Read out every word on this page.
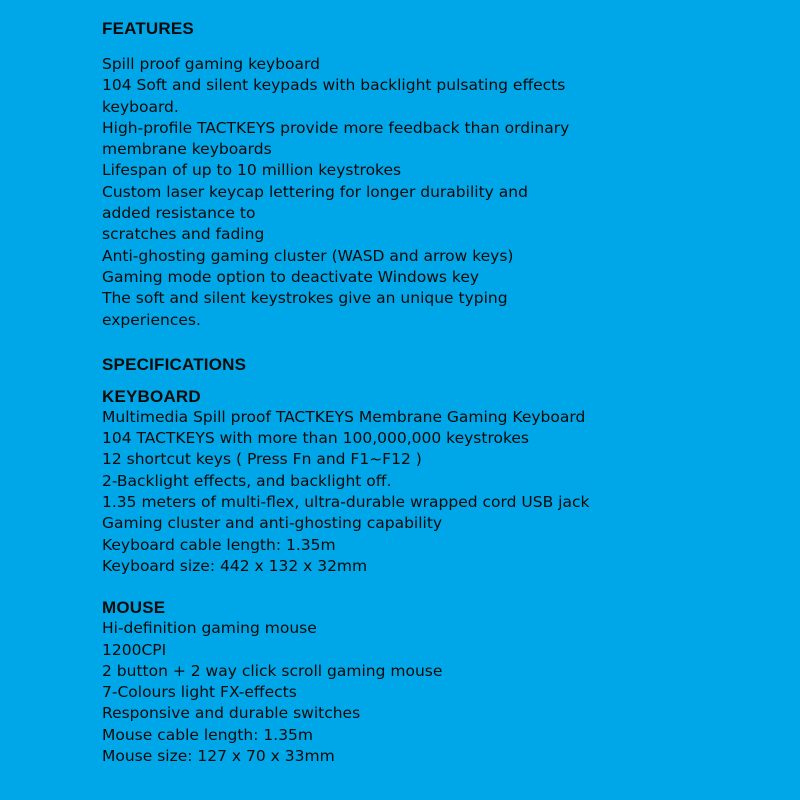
FEATURES

Spill proof gaming keyboard

104 Soft and silent keypads with backlight pulsating effects

keyboard.

High-profile TACTKEYS provide more feedback than ordinary

membrane keyboards

Lifespan of up to 10 million keystrokes

Custom laser keycap lettering for longer durability and

added resistance to

scratches and fading

Anti-ghosting gaming cluster (WASD and arrow keys)

Gaming mode option to deactivate Windows key

The soft and silent keystrokes give an unique typing

experiences.

SPECIFICATIONS
KEYBOARD

Multimedia Spill proof TACTKEYS Membrane Gaming Keyboard

104 TACTKEYS with more than 100,000,000 keystrokes

12 shortcut keys ( Press Fn and F1~F12 )

2-Backlight effects, and backlight off.

1.35 meters of multi-flex, ultra-durable wrapped cord USB jack

Gaming cluster and anti-ghosting capability

Keyboard cable length: 1.35m

Keyboard size: 442 x 132 x 32mm

MOUSE

Hi-definition gaming mouse

1200CPI

2 button + 2 way click scroll gaming mouse

7-Colours light FX-effects

Responsive and durable switches

Mouse cable length: 1.35m

Mouse size: 127 x 70 x 33mm
